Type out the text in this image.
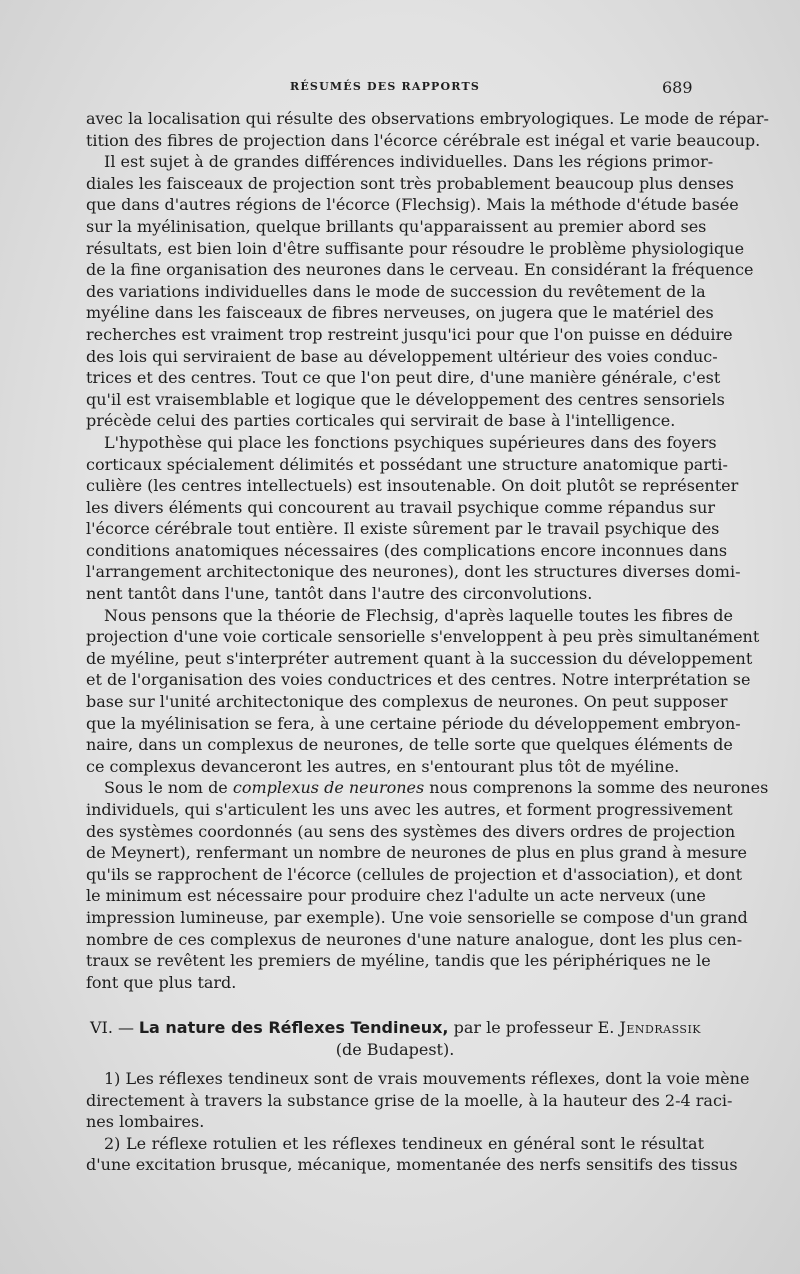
RÉSUMÉS DES RAPPORTS	689
avec la localisation qui résulte des observations embryologiques. Le mode de répar-
tition des fibres de projection dans l'écorce cérébrale est inégal et varie beaucoup.
Il est sujet à de grandes différences individuelles. Dans les régions primor-
diales les faisceaux de projection sont très probablement beaucoup plus denses
que dans d'autres régions de l'écorce (Flechsig). Mais la méthode d'étude basée
sur la myélinisation, quelque brillants qu'apparaissent au premier abord ses
résultats, est bien loin d'être suffisante pour résoudre le problème physiologique
de la fine organisation des neurones dans le cerveau. En considérant la fréquence
des variations individuelles dans le mode de succession du revêtement de la
myéline dans les faisceaux de fibres nerveuses, on jugera que le matériel des
recherches est vraiment trop restreint jusqu'ici pour que l'on puisse en déduire
des lois qui serviraient de base au développement ultérieur des voies conduc-
trices et des centres. Tout ce que l'on peut dire, d'une manière générale, c'est
qu'il est vraisemblable et logique que le développement des centres sensoriels
précède celui des parties corticales qui servirait de base à l'intelligence.
L'hypothèse qui place les fonctions psychiques supérieures dans des foyers
corticaux spécialement délimités et possédant une structure anatomique parti-
culière (les centres intellectuels) est insoutenable. On doit plutôt se représenter
les divers éléments qui concourent au travail psychique comme répandus sur
l'écorce cérébrale tout entière. Il existe sûrement par le travail psychique des
conditions anatomiques nécessaires (des complications encore inconnues dans
l'arrangement architectonique des neurones), dont les structures diverses domi-
nent tantôt dans l'une, tantôt dans l'autre des circonvolutions.
Nous pensons que la théorie de Flechsig, d'après laquelle toutes les fibres de
projection d'une voie corticale sensorielle s'enveloppent à peu près simultanément
de myéline, peut s'interpréter autrement quant à la succession du développement
et de l'organisation des voies conductrices et des centres. Notre interprétation se
base sur l'unité architectonique des complexus de neurones. On peut supposer
que la myélinisation se fera, à une certaine période du développement embryon-
naire, dans un complexus de neurones, de telle sorte que quelques éléments de
ce complexus devanceront les autres, en s'entourant plus tôt de myéline.
Sous le nom de complexus de neurones nous comprenons la somme des neurones
individuels, qui s'articulent les uns avec les autres, et forment progressivement
des systèmes coordonnés (au sens des systèmes des divers ordres de projection
de Meynert), renfermant un nombre de neurones de plus en plus grand à mesure
qu'ils se rapprochent de l'écorce (cellules de projection et d'association), et dont
le minimum est nécessaire pour produire chez l'adulte un acte nerveux (une
impression lumineuse, par exemple). Une voie sensorielle se compose d'un grand
nombre de ces complexus de neurones d'une nature analogue, dont les plus cen-
traux se revêtent les premiers de myéline, tandis que les périphériques ne le
font que plus tard.
VI. — La nature des Réflexes Tendineux, par le professeur E. Jendrassik
(de Budapest).
1) Les réflexes tendineux sont de vrais mouvements réflexes, dont la voie mène
directement à travers la substance grise de la moelle, à la hauteur des 2-4 raci-
nes lombaires.
2) Le réflexe rotulien et les réflexes tendineux en général sont le résultat
d'une excitation brusque, mécanique, momentanée des nerfs sensitifs des tissus
